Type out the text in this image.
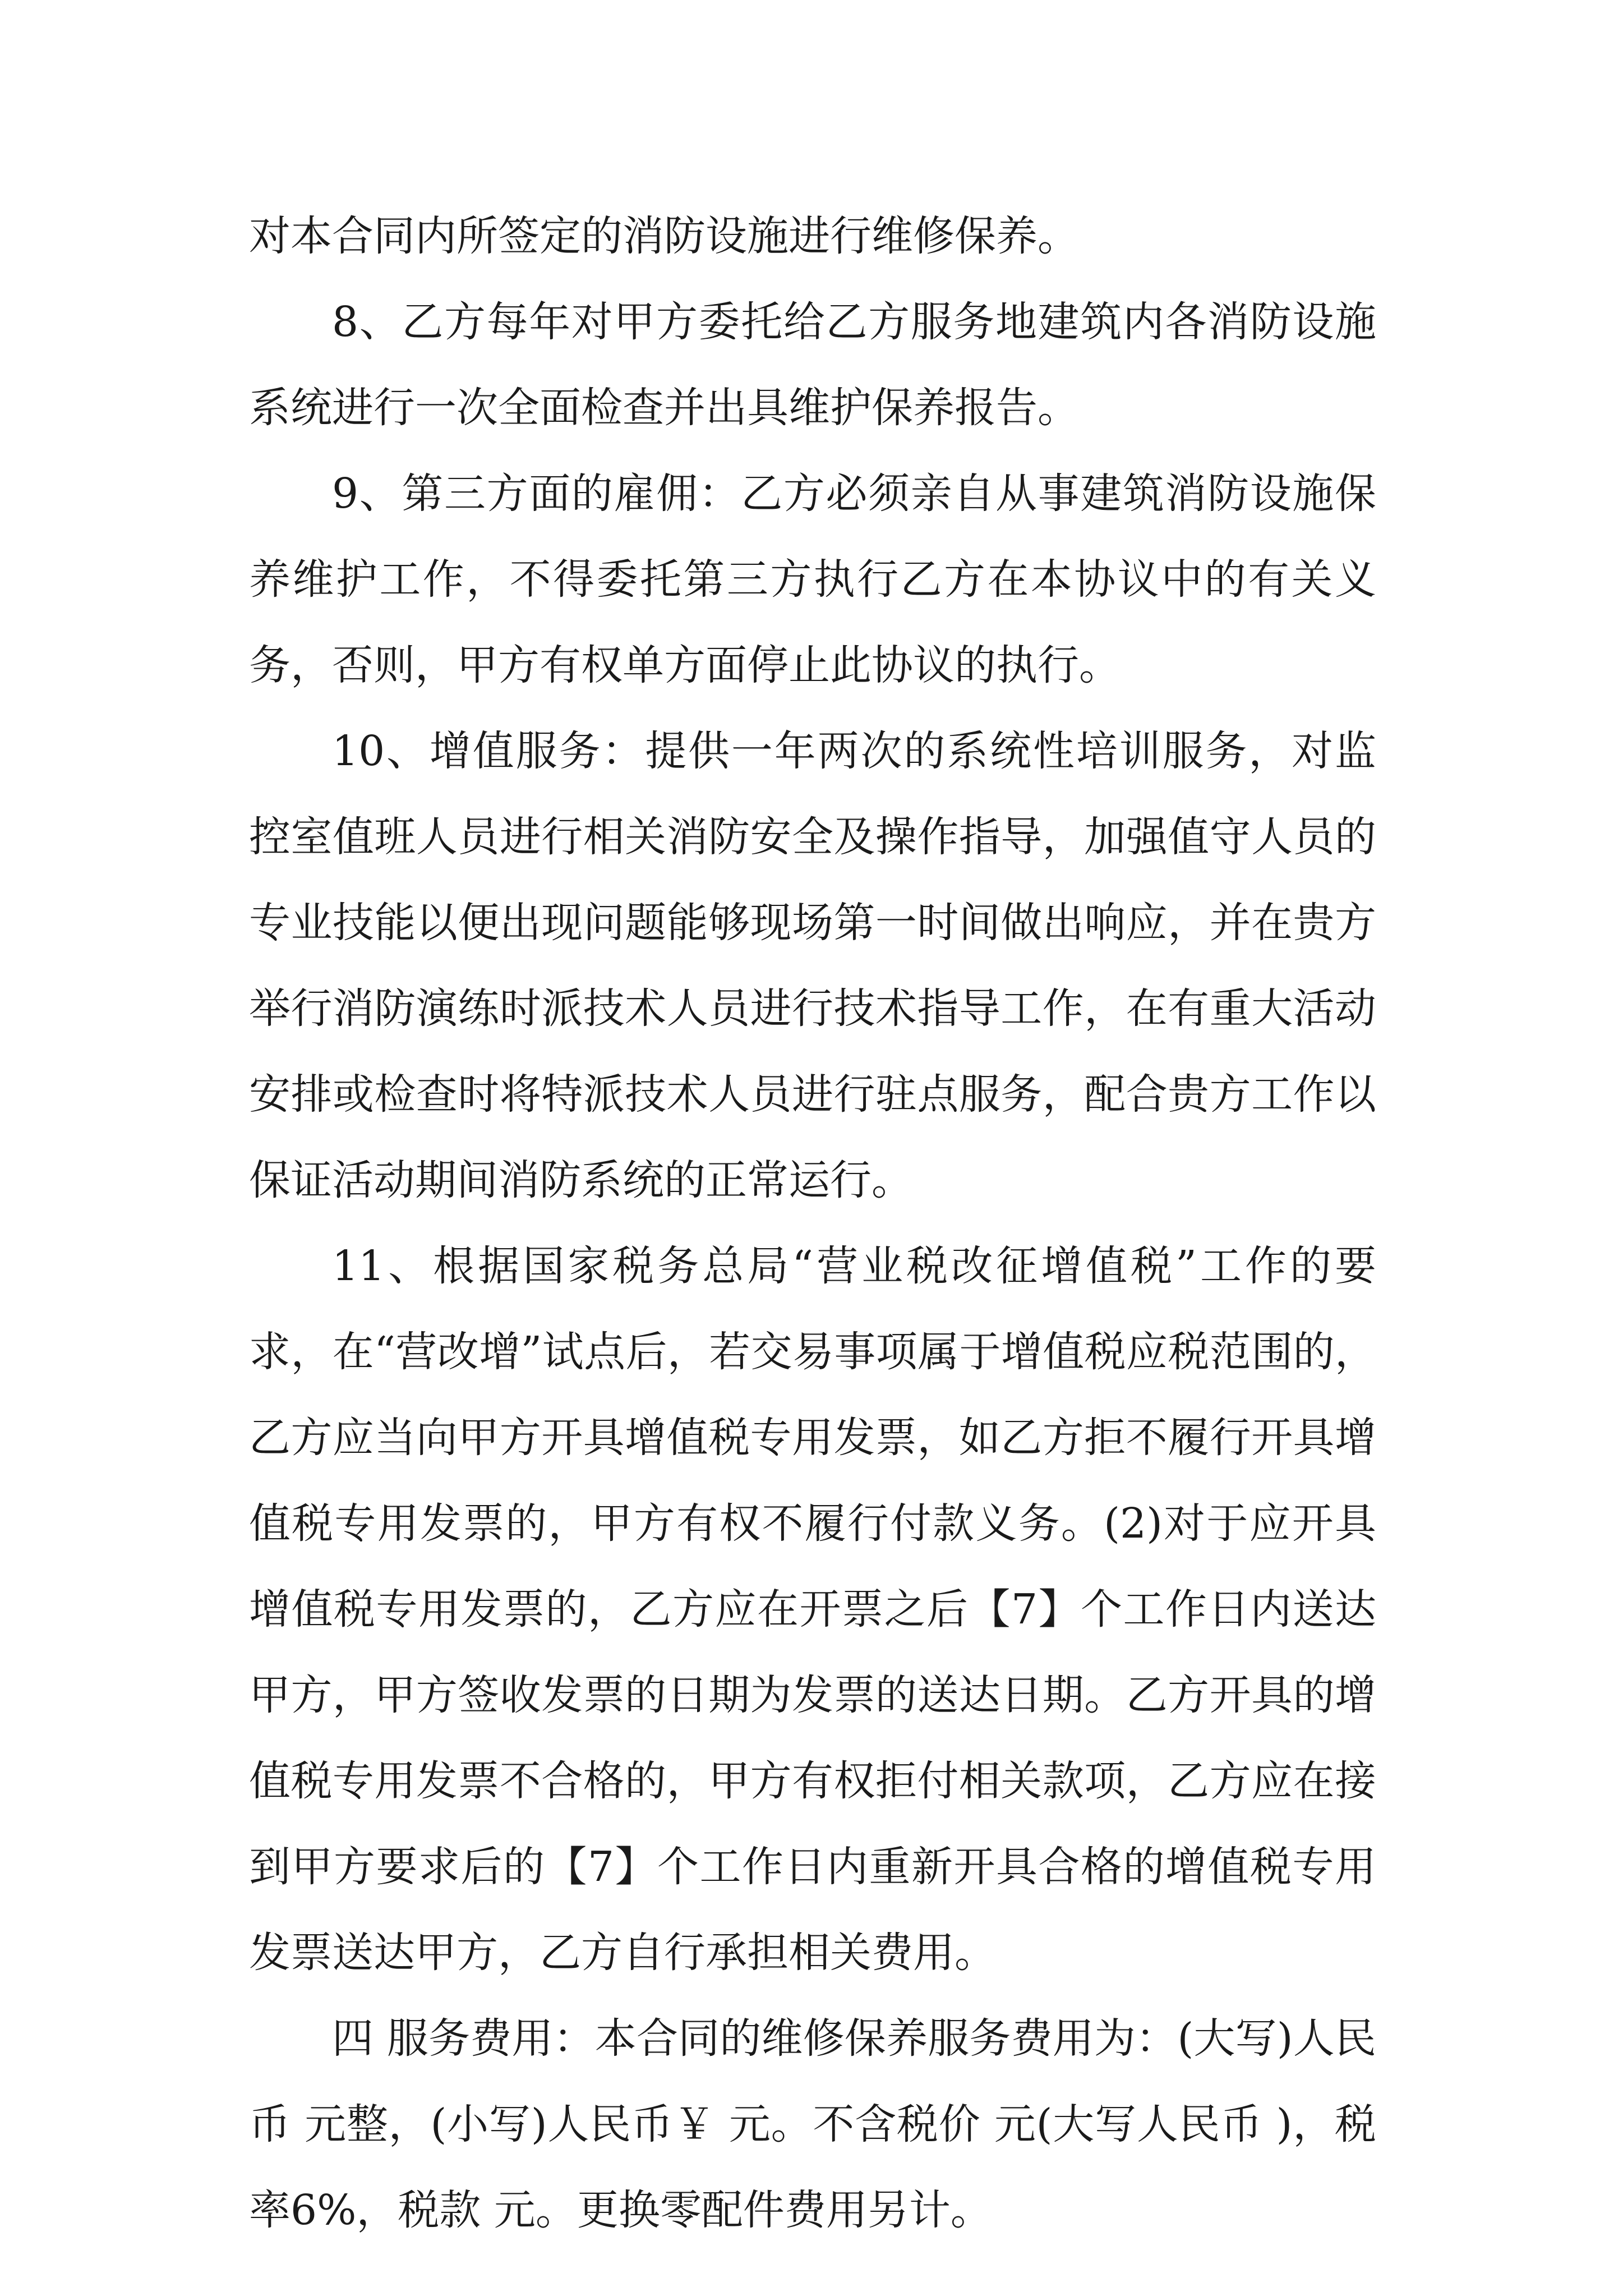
对本合同内所签定的消防设施进行维修保养。

8、乙方每年对甲方委托给乙方服务地建筑内各消防设施系统进行一次全面检查并出具维护保养报告。

9、第三方面的雇佣：乙方必须亲自从事建筑消防设施保养维护工作，不得委托第三方执行乙方在本协议中的有关义务，否则，甲方有权单方面停止此协议的执行。

10、增值服务：提供一年两次的系统性培训服务，对监控室值班人员进行相关消防安全及操作指导，加强值守人员的专业技能以便出现问题能够现场第一时间做出响应，并在贵方举行消防演练时派技术人员进行技术指导工作，在有重大活动安排或检查时将特派技术人员进行驻点服务，配合贵方工作以保证活动期间消防系统的正常运行。

11、根据国家税务总局“营业税改征增值税”工作的要求，在“营改增”试点后，若交易事项属于增值税应税范围的，乙方应当向甲方开具增值税专用发票，如乙方拒不履行开具增值税专用发票的，甲方有权不履行付款义务。(2)对于应开具增值税专用发票的，乙方应在开票之后【7】个工作日内送达甲方，甲方签收发票的日期为发票的送达日期。乙方开具的增值税专用发票不合格的，甲方有权拒付相关款项，乙方应在接到甲方要求后的【7】个工作日内重新开具合格的增值税专用发票送达甲方，乙方自行承担相关费用。

四 服务费用：本合同的维修保养服务费用为：(大写)人民币 元整，(小写)人民币￥ 元。不含税价 元(大写人民币 )，税率6%，税款 元。更换零配件费用另计。
